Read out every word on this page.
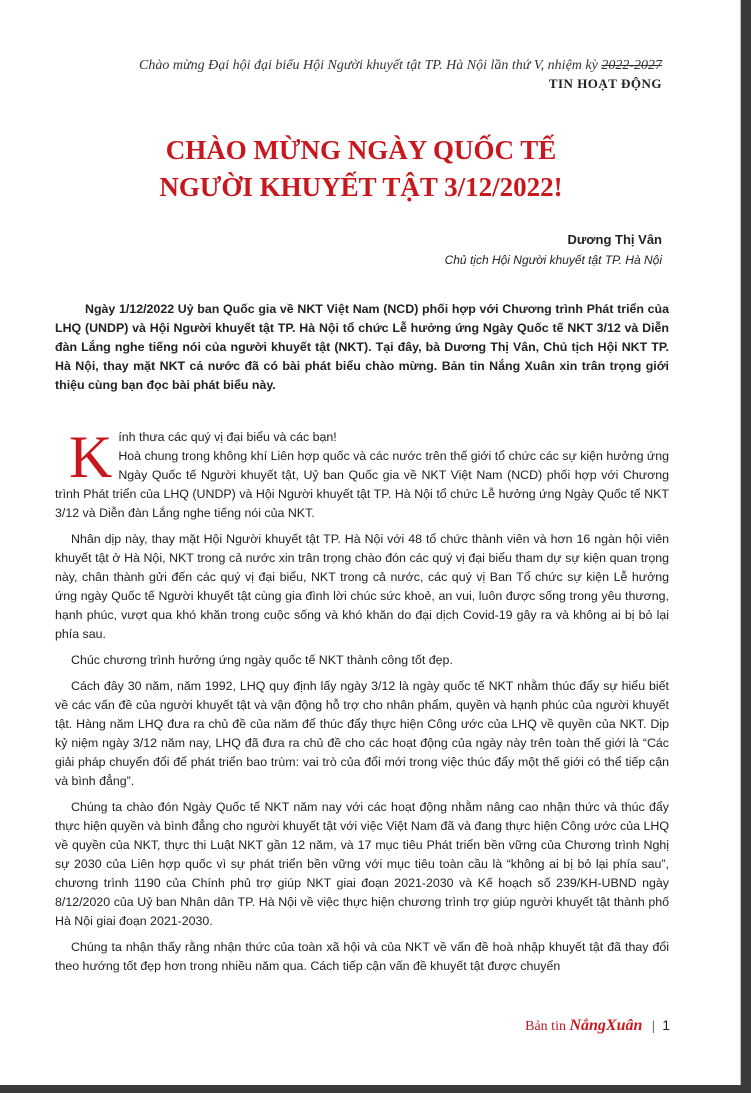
Chào mừng Đại hội đại biểu Hội Người khuyết tật TP. Hà Nội lần thứ V, nhiệm kỳ 2022-2027
TIN HOẠT ĐỘNG
CHÀO MỪNG NGÀY QUỐC TẾ
NGƯỜI KHUYẾT TẬT 3/12/2022!
Dương Thị Vân
Chủ tịch Hội Người khuyết tật TP. Hà Nội

Ngày 1/12/2022 Uỷ ban Quốc gia về NKT Việt Nam (NCD) phối hợp với Chương trình Phát triển của LHQ (UNDP) và Hội Người khuyết tật TP. Hà Nội tổ chức Lễ hưởng ứng Ngày Quốc tế NKT 3/12 và Diễn đàn Lắng nghe tiếng nói của người khuyết tật (NKT). Tại đây, bà Dương Thị Vân, Chủ tịch Hội NKT TP. Hà Nội, thay mặt NKT cả nước đã có bài phát biểu chào mừng. Bản tin Nắng Xuân xin trân trọng giới thiệu cùng bạn đọc bài phát biểu này.

Kính thưa các quý vị đại biểu và các bạn!
Hoà chung trong không khí Liên hợp quốc và các nước trên thế giới tổ chức các sự kiện hưởng ứng Ngày Quốc tế Người khuyết tật, Uỷ ban Quốc gia về NKT Việt Nam (NCD) phối hợp với Chương trình Phát triển của LHQ (UNDP) và Hội Người khuyết tật TP. Hà Nội tổ chức Lễ hưởng ứng Ngày Quốc tế NKT 3/12 và Diễn đàn Lắng nghe tiếng nói của NKT.

Nhân dịp này, thay mặt Hội Người khuyết tật TP. Hà Nội với 48 tổ chức thành viên và hơn 16 ngàn hội viên khuyết tật ở Hà Nội, NKT trong cả nước xin trân trọng chào đón các quý vị đại biểu tham dự sự kiện quan trọng này, chân thành gửi đến các quý vị đại biểu, NKT trong cả nước, các quý vị Ban Tổ chức sự kiện Lễ hưởng ứng ngày Quốc tế Người khuyết tật cùng gia đình lời chúc sức khoẻ, an vui, luôn được sống trong yêu thương, hạnh phúc, vượt qua khó khăn trong cuộc sống và khó khăn do đại dịch Covid-19 gây ra và không ai bị bỏ lại phía sau.

Chúc chương trình hưởng ứng ngày quốc tế NKT thành công tốt đẹp.

Cách đây 30 năm, năm 1992, LHQ quy định lấy ngày 3/12 là ngày quốc tế NKT nhằm thúc đẩy sự hiểu biết về các vấn đề của người khuyết tật và vận động hỗ trợ cho nhân phẩm, quyền và hạnh phúc của người khuyết tật. Hàng năm LHQ đưa ra chủ đề của năm để thúc đẩy thực hiện Công ước của LHQ về quyền của NKT. Dịp kỷ niệm ngày 3/12 năm nay, LHQ đã đưa ra chủ đề cho các hoạt động của ngày này trên toàn thế giới là “Các giải pháp chuyển đổi để phát triển bao trùm: vai trò của đổi mới trong việc thúc đẩy một thế giới có thể tiếp cận và bình đẳng”.

Chúng ta chào đón Ngày Quốc tế NKT năm nay với các hoạt động nhằm nâng cao nhận thức và thúc đẩy thực hiện quyền và bình đẳng cho người khuyết tật với việc Việt Nam đã và đang thực hiện Công ước của LHQ về quyền của NKT, thực thi Luật NKT gần 12 năm, và 17 mục tiêu Phát triển bền vững của Chương trình Nghị sự 2030 của Liên hợp quốc vì sự phát triển bền vững với mục tiêu toàn cầu là “không ai bị bỏ lại phía sau”, chương trình 1190 của Chính phủ trợ giúp NKT giai đoạn 2021-2030 và Kế hoạch số 239/KH-UBND ngày 8/12/2020 của Uỷ ban Nhân dân TP. Hà Nội về việc thực hiện chương trình trợ giúp người khuyết tật thành phố Hà Nội giai đoạn 2021-2030.

Chúng ta nhận thấy rằng nhận thức của toàn xã hội và của NKT về vấn đề hoà nhập khuyết tật đã thay đổi theo hướng tốt đẹp hơn trong nhiều năm qua. Cách tiếp cận vấn đề khuyết tật được chuyển

Bản tin NắngXuân | 1
